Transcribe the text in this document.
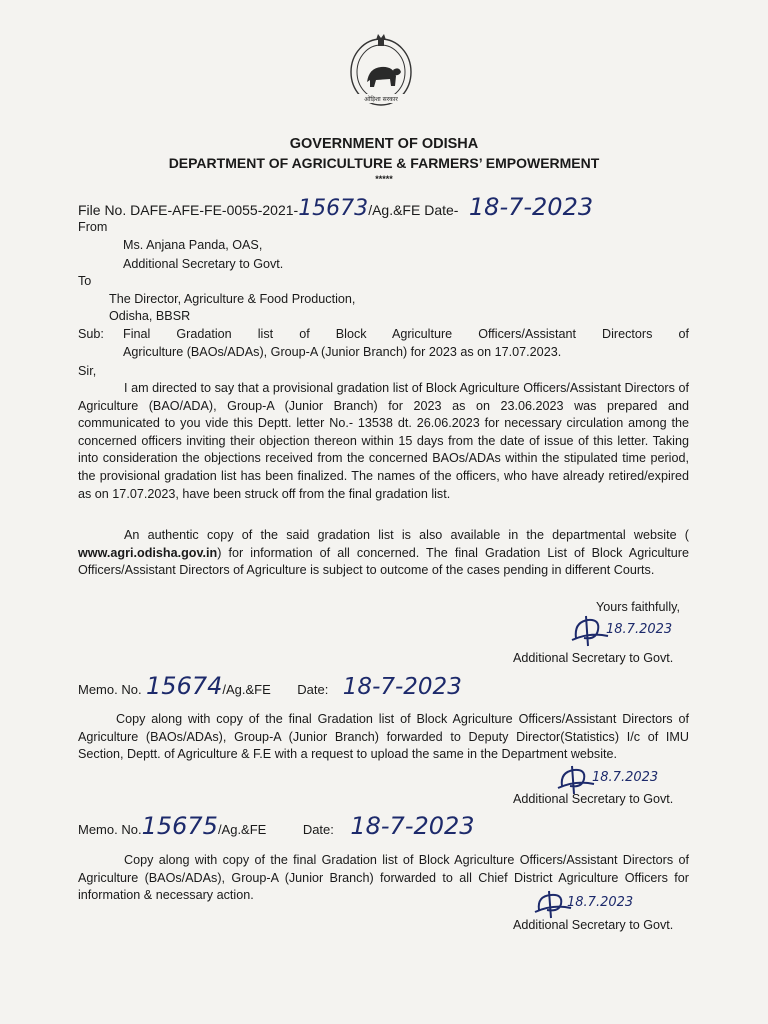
ओड़िशा सरकार
GOVERNMENT OF ODISHA
DEPARTMENT OF AGRICULTURE & FARMERS’ EMPOWERMENT
*****
File No. DAFE-AFE-FE-0055-2021-15673/Ag.&FE Date- 18-7-2023
From
Ms. Anjana Panda, OAS,
Additional Secretary to Govt.
To
The Director, Agriculture & Food Production,
Odisha, BBSR
Sub: Final Gradation list of Block Agriculture Officers/Assistant Directors of
Agriculture (BAOs/ADAs), Group-A (Junior Branch) for 2023 as on 17.07.2023.
Sir,
I am directed to say that a provisional gradation list of Block Agriculture Officers/Assistant Directors of Agriculture (BAO/ADA), Group-A (Junior Branch) for 2023 as on 23.06.2023 was prepared and communicated to you vide this Deptt. letter No.- 13538 dt. 26.06.2023 for necessary circulation among the concerned officers inviting their objection thereon within 15 days from the date of issue of this letter. Taking into consideration the objections received from the concerned BAOs/ADAs within the stipulated time period, the provisional gradation list has been finalized. The names of the officers, who have already retired/expired as on 17.07.2023, have been struck off from the final gradation list.
An authentic copy of the said gradation list is also available in the departmental website ( www.agri.odisha.gov.in) for information of all concerned. The final Gradation List of Block Agriculture Officers/Assistant Directors of Agriculture is subject to outcome of the cases pending in different Courts.
Yours faithfully,
18.7.2023
Additional Secretary to Govt.
Memo. No. 15674/Ag.&FE Date: 18-7-2023
Copy along with copy of the final Gradation list of Block Agriculture Officers/Assistant Directors of Agriculture (BAOs/ADAs), Group-A (Junior Branch) forwarded to Deputy Director(Statistics) I/c of IMU Section, Deptt. of Agriculture & F.E with a request to upload the same in the Department website.
18.7.2023
Additional Secretary to Govt.
Memo. No.15675/Ag.&FE	Date: 18-7-2023
Copy along with copy of the final Gradation list of Block Agriculture Officers/Assistant Directors of Agriculture (BAOs/ADAs), Group-A (Junior Branch) forwarded to all Chief District Agriculture Officers for information & necessary action.	18.7.2023
Additional Secretary to Govt.
